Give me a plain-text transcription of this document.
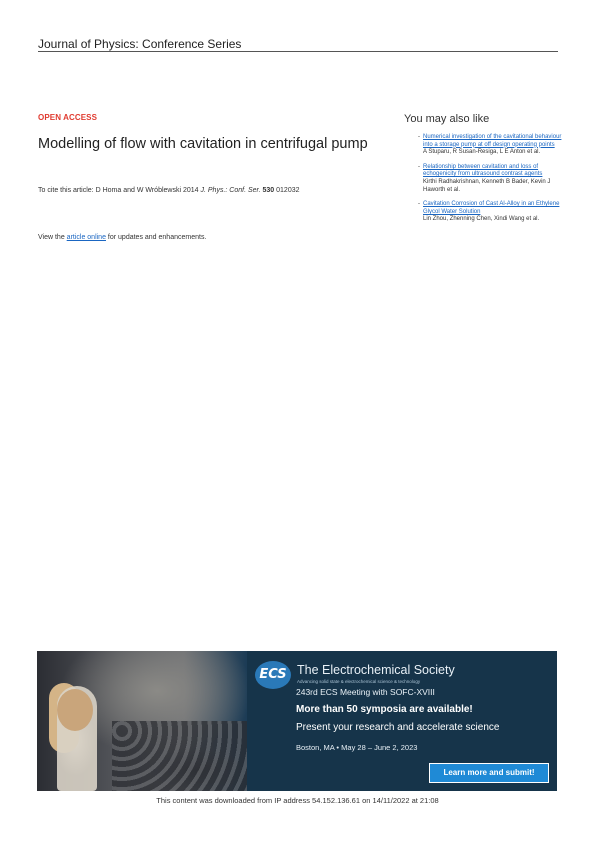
Journal of Physics: Conference Series
OPEN ACCESS
Modelling of flow with cavitation in centrifugal pump
To cite this article: D Homa and W Wróblewski 2014 J. Phys.: Conf. Ser. 530 012032
View the article online for updates and enhancements.
You may also like
- Numerical investigation of the cavitational behaviour into a storage pump at off design operating points
A Stuparu, R Susan-Resiga, L E Anton et al.
- Relationship between cavitation and loss of echogenicity from ultrasound contrast agents
Kirthi Radhakrishnan, Kenneth B Bader, Kevin J Haworth et al.
- Cavitation Corrosion of Cast Al-Alloy in an Ethylene Glycol Water Solution
Lin Zhou, Zhenning Chen, Xindi Wang et al.
ECS The Electrochemical Society
Advancing solid state & electrochemical science & technology
243rd ECS Meeting with SOFC-XVIII
More than 50 symposia are available!
Present your research and accelerate science
Boston, MA • May 28 – June 2, 2023
Learn more and submit!
This content was downloaded from IP address 54.152.136.61 on 14/11/2022 at 21:08
